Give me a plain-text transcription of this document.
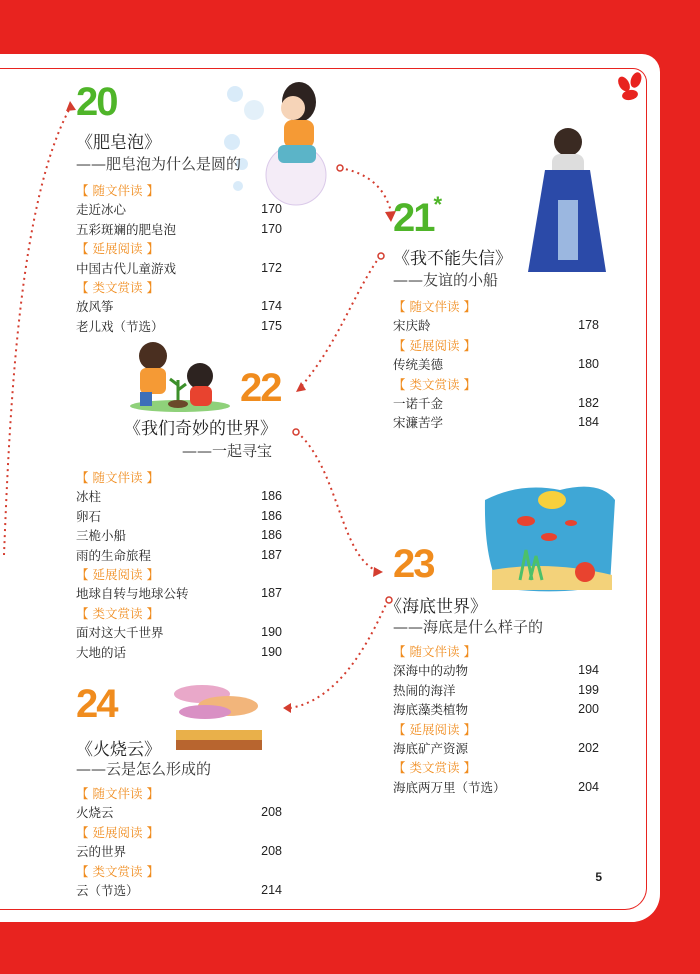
20
《肥皂泡》
——肥皂泡为什么是圆的
【 随文伴读 】
走近冰心	170
五彩斑斓的肥皂泡	170
【 延展阅读 】
中国古代儿童游戏	172
【 类文赏读 】
放风筝	174
老儿戏（节选）	175
21*
《我不能失信》
——友谊的小船
【 随文伴读 】
宋庆龄	178
【 延展阅读 】
传统美德	180
【 类文赏读 】
一诺千金	182
宋濂苦学	184
22
《我们奇妙的世界》
——一起寻宝
【 随文伴读 】
冰柱	186
卵石	186
三桅小船	186
雨的生命旅程	187
【 延展阅读 】
地球自转与地球公转	187
【 类文赏读 】
面对这大千世界	190
大地的话	190
23
《海底世界》
——海底是什么样子的
【 随文伴读 】
深海中的动物	194
热闹的海洋	199
海底藻类植物	200
【 延展阅读 】
海底矿产资源	202
【 类文赏读 】
海底两万里（节选）	204
24
《火烧云》
——云是怎么形成的
【 随文伴读 】
火烧云	208
【 延展阅读 】
云的世界	208
【 类文赏读 】
云（节选）	214
5
